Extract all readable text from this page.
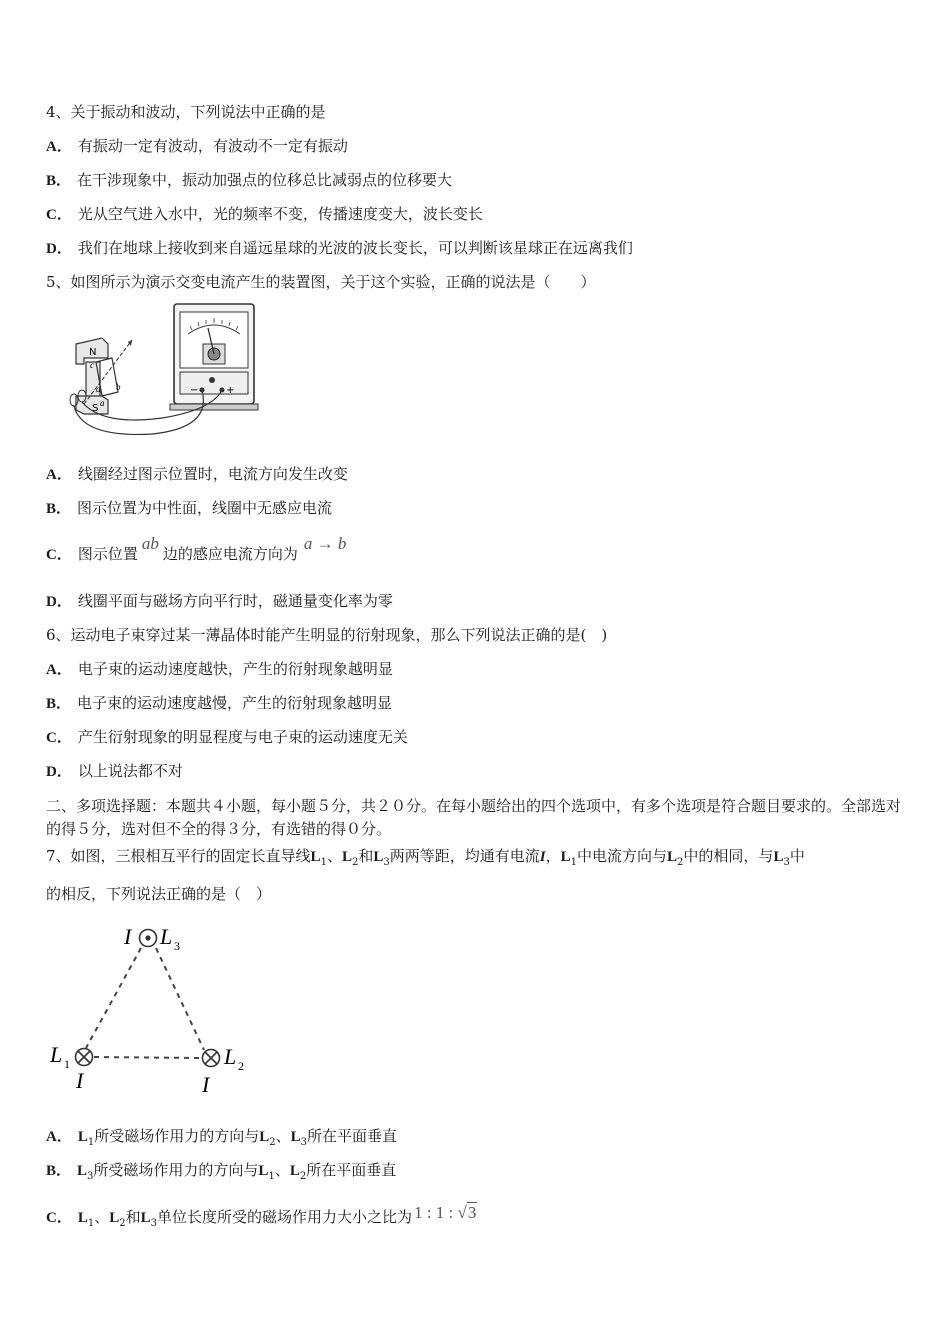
4、关于振动和波动，下列说法中正确的是
A． 有振动一定有波动，有波动不一定有振动
B． 在干涉现象中，振动加强点的位移总比减弱点的位移要大
C． 光从空气进入水中，光的频率不变，传播速度变大，波长变长
D． 我们在地球上接收到来自遥远星球的光波的波长变长，可以判断该星球正在远离我们
5、如图所示为演示交变电流产生的装置图，关于这个实验，正确的说法是（　　）
−	+
N
S
c
b
a
d
A． 线圈经过图示位置时，电流方向发生改变
B． 图示位置为中性面，线圈中无感应电流
C． 图示位置ab边的感应电流方向为a → b
D． 线圈平面与磁场方向平行时，磁通量变化率为零
6、运动电子束穿过某一薄晶体时能产生明显的衍射现象，那么下列说法正确的是(　)
A． 电子束的运动速度越快，产生的衍射现象越明显
B． 电子束的运动速度越慢，产生的衍射现象越明显
C． 产生衍射现象的明显程度与电子束的运动速度无关
D． 以上说法都不对
二、多项选择题：本题共４小题，每小题５分，共２０分。在每小题给出的四个选项中，有多个选项是符合题目要求的。全部选对的得５分，选对但不全的得３分，有选错的得０分。
7、如图，三根相互平行的固定长直导线$L_1$、$L_2$和$L_3$两两等距，均通有电流I，$L_1$中电流方向与$L_2$中的相同，与$L_3$中
的相反，下列说法正确的是（　）
I L 3
L 1
I
L 2
I
A． $L_1$所受磁场作用力的方向与$L_2$、$L_3$所在平面垂直
B． $L_3$所受磁场作用力的方向与$L_1$、$L_2$所在平面垂直
C． $L_1$、$L_2$和$L_3$单位长度所受的磁场作用力大小之比为 1 : 1 : √3
